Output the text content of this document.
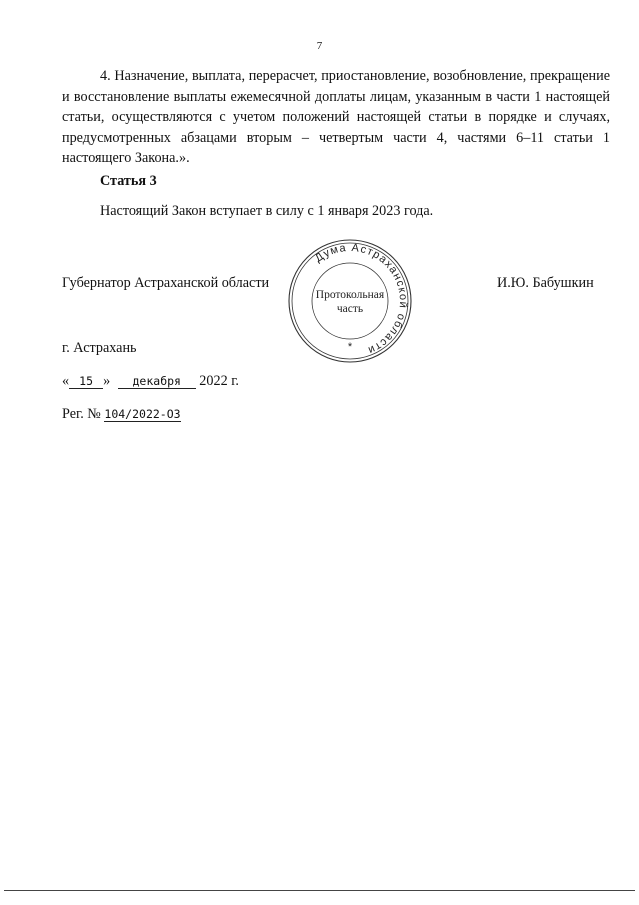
7
4. Назначение, выплата, перерасчет, приостановление, возобновление, прекращение и восстановление выплаты ежемесячной доплаты лицам, указанным в части 1 настоящей статьи, осуществляются с учетом положений настоящей статьи в порядке и случаях, предусмотренных абзацами вторым – четвертым части 4, частями 6–11 статьи 1 настоящего Закона.».
Статья 3
Настоящий Закон вступает в силу с 1 января 2023 года.
Губернатор Астраханской области	И.Ю. Бабушкин
Дума Астраханской области
Протокольная
часть
*
г. Астрахань
« 15 » декабря 2022 г.
Рег. № 104/2022-ОЗ
